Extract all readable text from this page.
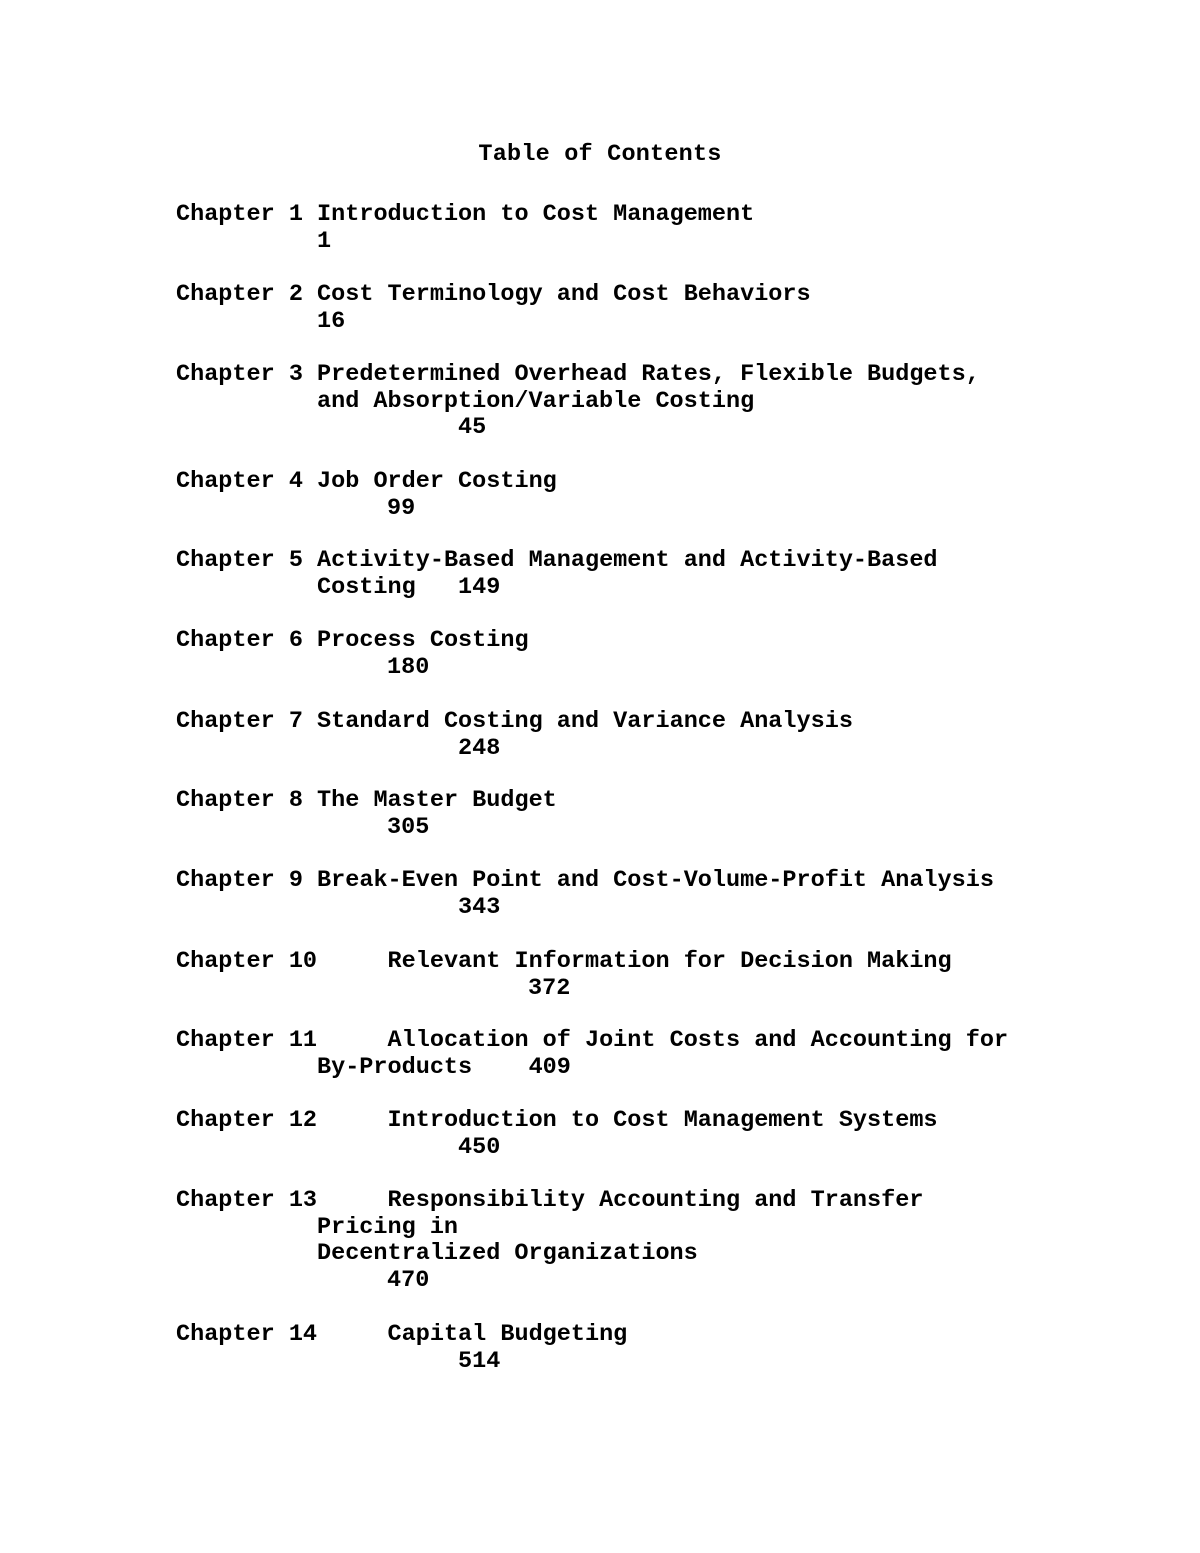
Table of Contents
Chapter 1 Introduction to Cost Management
1
Chapter 2 Cost Terminology and Cost Behaviors
16
Chapter 3 Predetermined Overhead Rates, Flexible Budgets,
and Absorption/Variable Costing
45
Chapter 4 Job Order Costing
99
Chapter 5 Activity-Based Management and Activity-Based
Costing 149
Chapter 6 Process Costing
180
Chapter 7 Standard Costing and Variance Analysis
248
Chapter 8 The Master Budget
305
Chapter 9 Break-Even Point and Cost-Volume-Profit Analysis
343
Chapter 10	Relevant Information for Decision Making
372
Chapter 11	Allocation of Joint Costs and Accounting for
By-Products 409
Chapter 12	Introduction to Cost Management Systems
450
Chapter 13	Responsibility Accounting and Transfer
Pricing in
Decentralized Organizations
470
Chapter 14	Capital Budgeting
514
